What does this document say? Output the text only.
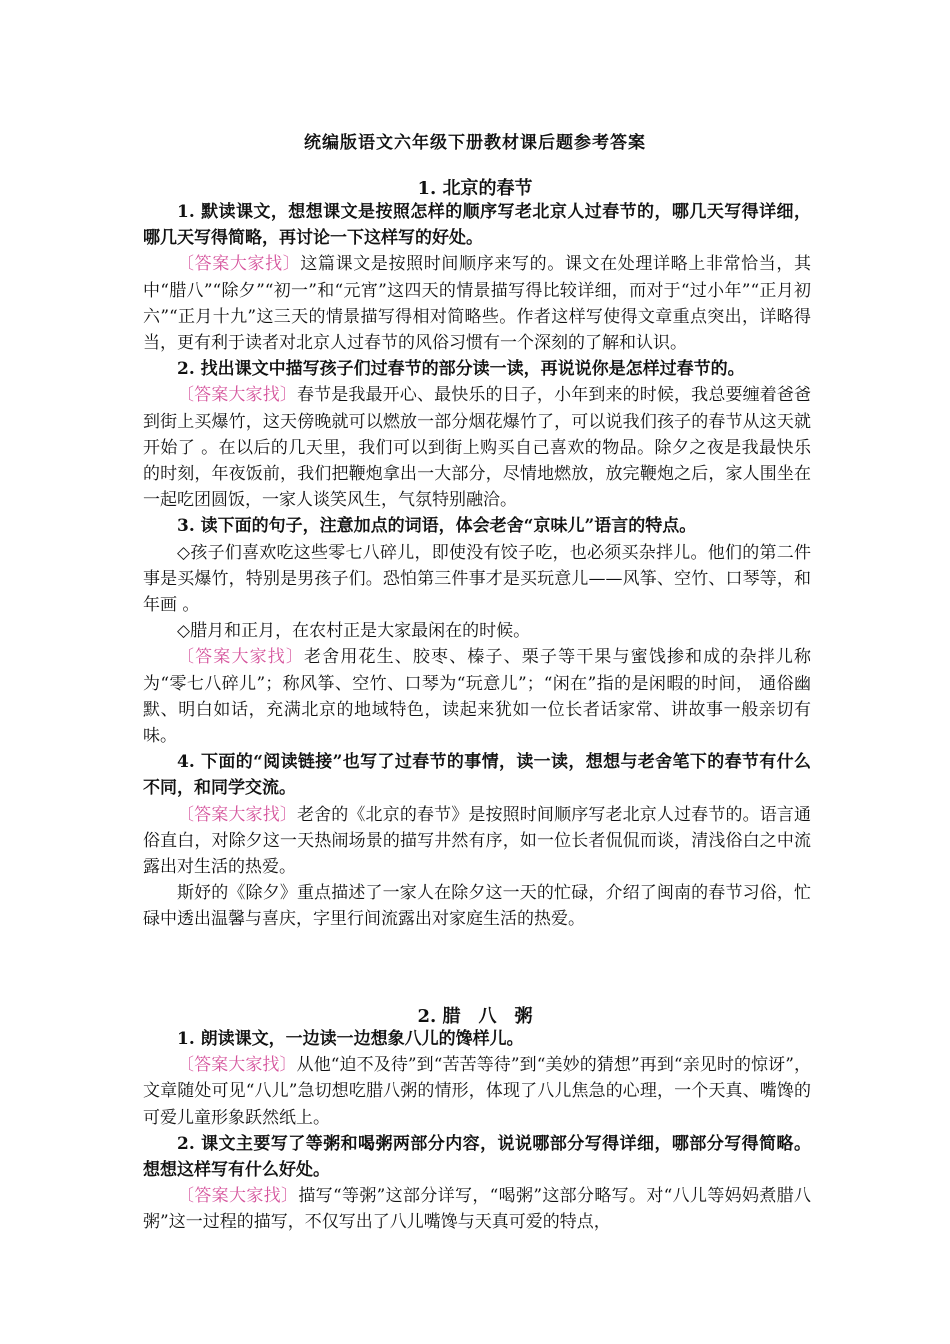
统编版语文六年级下册教材课后题参考答案
1. 北京的春节

1. 默读课文，想想课文是按照怎样的顺序写老北京人过春节的，哪几天写得详细，哪几天写得简略，再讨论一下这样写的好处。

〔答案大家找〕这篇课文是按照时间顺序来写的。课文在处理详略上非常恰当，其中“腊八”“除夕”“初一”和“元宵”这四天的情景描写得比较详细，而对于“过小年”“正月初六”“正月十九”这三天的情景描写得相对简略些。作者这样写使得文章重点突出，详略得当，更有利于读者对北京人过春节的风俗习惯有一个深刻的了解和认识。

2. 找出课文中描写孩子们过春节的部分读一读，再说说你是怎样过春节的。

〔答案大家找〕春节是我最开心、最快乐的日子，小年到来的时候，我总要缠着爸爸到街上买爆竹，这天傍晚就可以燃放一部分烟花爆竹了，可以说我们孩子的春节从这天就开始了 。在以后的几天里，我们可以到街上购买自己喜欢的物品。除夕之夜是我最快乐的时刻，年夜饭前，我们把鞭炮拿出一大部分，尽情地燃放，放完鞭炮之后，家人围坐在一起吃团圆饭，一家人谈笑风生，气氛特别融洽。

3. 读下面的句子，注意加点的词语，体会老舍“京味儿”语言的特点。

◇孩子们喜欢吃这些零七八碎儿，即使没有饺子吃，也必须买杂拌儿。他们的第二件事是买爆竹，特别是男孩子们。恐怕第三件事才是买玩意儿——风筝、空竹、口琴等，和年画 。

◇腊月和正月，在农村正是大家最闲在的时候。

〔答案大家找〕老舍用花生、胶枣、榛子、栗子等干果与蜜饯掺和成的杂拌儿称为“零七八碎儿”；称风筝、空竹、口琴为“玩意儿”；“闲在”指的是闲暇的时间， 通俗幽默、明白如话，充满北京的地域特色，读起来犹如一位长者话家常、讲故事一般亲切有味。

4. 下面的“阅读链接”也写了过春节的事情，读一读，想想与老舍笔下的春节有什么不同，和同学交流。

〔答案大家找〕老舍的《北京的春节》是按照时间顺序写老北京人过春节的。语言通俗直白，对除夕这一天热闹场景的描写井然有序，如一位长者侃侃而谈，清浅俗白之中流露出对生活的热爱。

斯妤的《除夕》重点描述了一家人在除夕这一天的忙碌，介绍了闽南的春节习俗，忙碌中透出温馨与喜庆，字里行间流露出对家庭生活的热爱。

2. 腊　八　粥

1. 朗读课文，一边读一边想象八儿的馋样儿。

〔答案大家找〕从他“迫不及待”到“苦苦等待”到“美妙的猜想”再到“亲见时的惊讶”，文章随处可见“八儿”急切想吃腊八粥的情形，体现了八儿焦急的心理，一个天真、嘴馋的可爱儿童形象跃然纸上。

2. 课文主要写了等粥和喝粥两部分内容，说说哪部分写得详细，哪部分写得简略。想想这样写有什么好处。

〔答案大家找〕描写“等粥”这部分详写，“喝粥”这部分略写。对“八儿等妈妈煮腊八粥”这一过程的描写，不仅写出了八儿嘴馋与天真可爱的特点，
